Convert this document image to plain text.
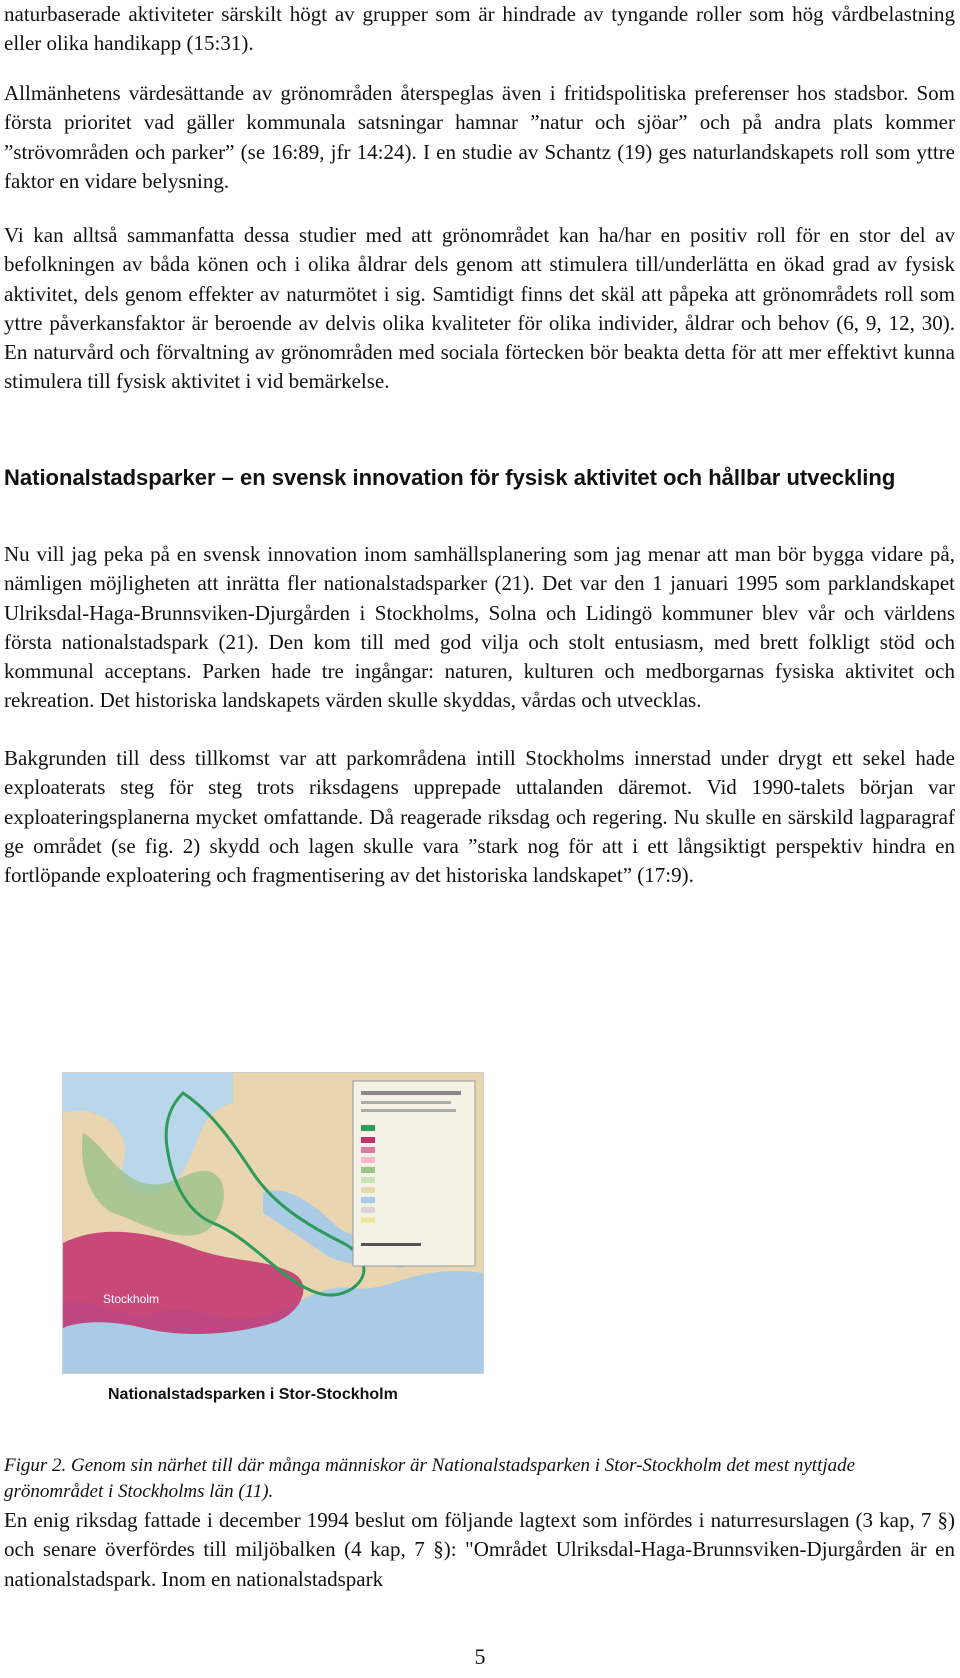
naturbaserade aktiviteter särskilt högt av grupper som är hindrade av tyngande roller som hög vårdbelastning eller olika handikapp (15:31).

Allmänhetens värdesättande av grönområden återspeglas även i fritidspolitiska preferenser hos stadsbor. Som första prioritet vad gäller kommunala satsningar hamnar ”natur och sjöar” och på andra plats kommer ”strövområden och parker” (se 16:89, jfr 14:24). I en studie av Schantz (19) ges naturlandskapets roll som yttre faktor en vidare belysning.

Vi kan alltså sammanfatta dessa studier med att grönområdet kan ha/har en positiv roll för en stor del av befolkningen av båda könen och i olika åldrar dels genom att stimulera till/underlätta en ökad grad av fysisk aktivitet, dels genom effekter av naturmötet i sig. Samtidigt finns det skäl att påpeka att grönområdets roll som yttre påverkansfaktor är beroende av delvis olika kvaliteter för olika individer, åldrar och behov (6, 9, 12, 30). En naturvård och förvaltning av grönområden med sociala förtecken bör beakta detta för att mer effektivt kunna stimulera till fysisk aktivitet i vid bemärkelse.

Nationalstadsparker – en svensk innovation för fysisk aktivitet och hållbar utveckling

Nu vill jag peka på en svensk innovation inom samhällsplanering som jag menar att man bör bygga vidare på, nämligen möjligheten att inrätta fler nationalstadsparker (21). Det var den 1 januari 1995 som parklandskapet Ulriksdal-Haga-Brunnsviken-Djurgården i Stockholms, Solna och Lidingö kommuner blev vår och världens första nationalstadspark (21). Den kom till med god vilja och stolt entusiasm, med brett folkligt stöd och kommunal acceptans. Parken hade tre ingångar: naturen, kulturen och medborgarnas fysiska aktivitet och rekreation. Det historiska landskapets värden skulle skyddas, vårdas och utvecklas.

Bakgrunden till dess tillkomst var att parkområdena intill Stockholms innerstad under drygt ett sekel hade exploaterats steg för steg trots riksdagens upprepade uttalanden däremot. Vid 1990-talets början var exploateringsplanerna mycket omfattande. Då reagerade riksdag och regering. Nu skulle en särskild lagparagraf ge området (se fig. 2) skydd och lagen skulle vara ”stark nog för att i ett långsiktigt perspektiv hindra en fortlöpande exploatering och fragmentisering av det historiska landskapet” (17:9).

Stockholm
Nationalstadsparken i Stor-Stockholm

Figur 2. Genom sin närhet till där många människor är Nationalstadsparken i Stor-Stockholm det mest nyttjade grönområdet i Stockholms län (11).

En enig riksdag fattade i december 1994 beslut om följande lagtext som infördes i naturresurslagen (3 kap, 7 §) och senare överfördes till miljöbalken (4 kap, 7 §): "Området Ulriksdal-Haga-Brunnsviken-Djurgården är en nationalstadspark. Inom en nationalstadspark

5
